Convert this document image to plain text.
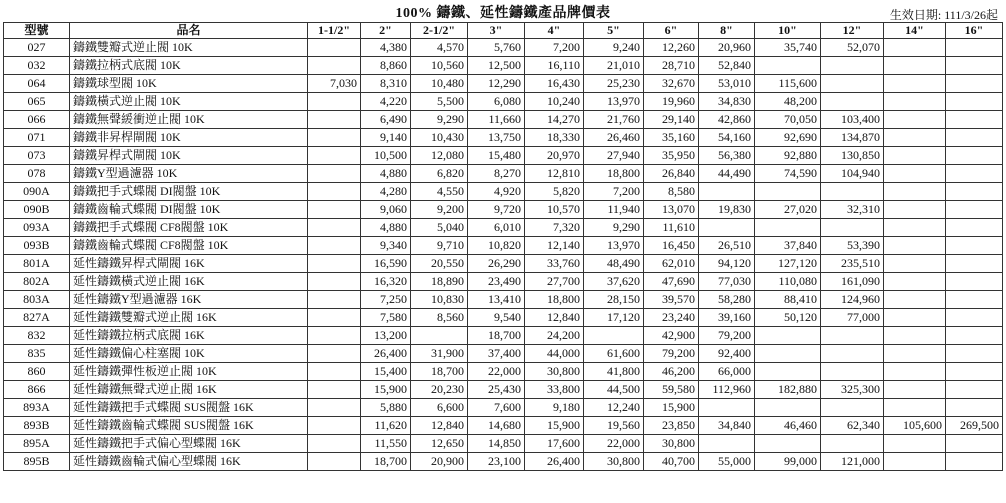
100% 鑄鐵、延性鑄鐵產品牌價表	生效日期: 111/3/26起
型號	品名	1-1/2"	2"	2-1/2"	3"	4"	5"	6"	8"	10"	12"	14"	16"
027	鑄鐵雙瓣式逆止閥 10K		4,380	4,570	5,760	7,200	9,240	12,260	20,960	35,740	52,070		
032	鑄鐵拉柄式底閥 10K		8,860	10,560	12,500	16,110	21,010	28,710	52,840				
064	鑄鐵球型閥 10K	7,030	8,310	10,480	12,290	16,430	25,230	32,670	53,010	115,600			
065	鑄鐵橫式逆止閥 10K		4,220	5,500	6,080	10,240	13,970	19,960	34,830	48,200			
066	鑄鐵無聲緩衝逆止閥 10K		6,490	9,290	11,660	14,270	21,760	29,140	42,860	70,050	103,400		
071	鑄鐵非昇桿閘閥 10K		9,140	10,430	13,750	18,330	26,460	35,160	54,160	92,690	134,870		
073	鑄鐵昇桿式閘閥 10K		10,500	12,080	15,480	20,970	27,940	35,950	56,380	92,880	130,850		
078	鑄鐵Y型過濾器 10K		4,880	6,820	8,270	12,810	18,800	26,840	44,490	74,590	104,940		
090A	鑄鐵把手式蝶閥 DI閥盤 10K		4,280	4,550	4,920	5,820	7,200	8,580					
090B	鑄鐵齒輪式蝶閥 DI閥盤 10K		9,060	9,200	9,720	10,570	11,940	13,070	19,830	27,020	32,310		
093A	鑄鐵把手式蝶閥 CF8閥盤 10K		4,880	5,040	6,010	7,320	9,290	11,610					
093B	鑄鐵齒輪式蝶閥 CF8閥盤 10K		9,340	9,710	10,820	12,140	13,970	16,450	26,510	37,840	53,390		
801A	延性鑄鐵昇桿式閘閥 16K		16,590	20,550	26,290	33,760	48,490	62,010	94,120	127,120	235,510		
802A	延性鑄鐵橫式逆止閥 16K		16,320	18,890	23,490	27,700	37,620	47,690	77,030	110,080	161,090		
803A	延性鑄鐵Y型過濾器 16K		7,250	10,830	13,410	18,800	28,150	39,570	58,280	88,410	124,960		
827A	延性鑄鐵雙瓣式逆止閥 16K		7,580	8,560	9,540	12,840	17,120	23,240	39,160	50,120	77,000		
832	延性鑄鐵拉柄式底閥 16K		13,200		18,700	24,200		42,900	79,200				
835	延性鑄鐵偏心柱塞閥 10K		26,400	31,900	37,400	44,000	61,600	79,200	92,400				
860	延性鑄鐵彈性板逆止閥 10K		15,400	18,700	22,000	30,800	41,800	46,200	66,000				
866	延性鑄鐵無聲式逆止閥 16K		15,900	20,230	25,430	33,800	44,500	59,580	112,960	182,880	325,300		
893A	延性鑄鐵把手式蝶閥 SUS閥盤 16K		5,880	6,600	7,600	9,180	12,240	15,900					
893B	延性鑄鐵齒輪式蝶閥 SUS閥盤 16K		11,620	12,840	14,680	15,900	19,560	23,850	34,840	46,460	62,340	105,600	269,500
895A	延性鑄鐵把手式偏心型蝶閥 16K		11,550	12,650	14,850	17,600	22,000	30,800					
895B	延性鑄鐵齒輪式偏心型蝶閥 16K		18,700	20,900	23,100	26,400	30,800	40,700	55,000	99,000	121,000		
